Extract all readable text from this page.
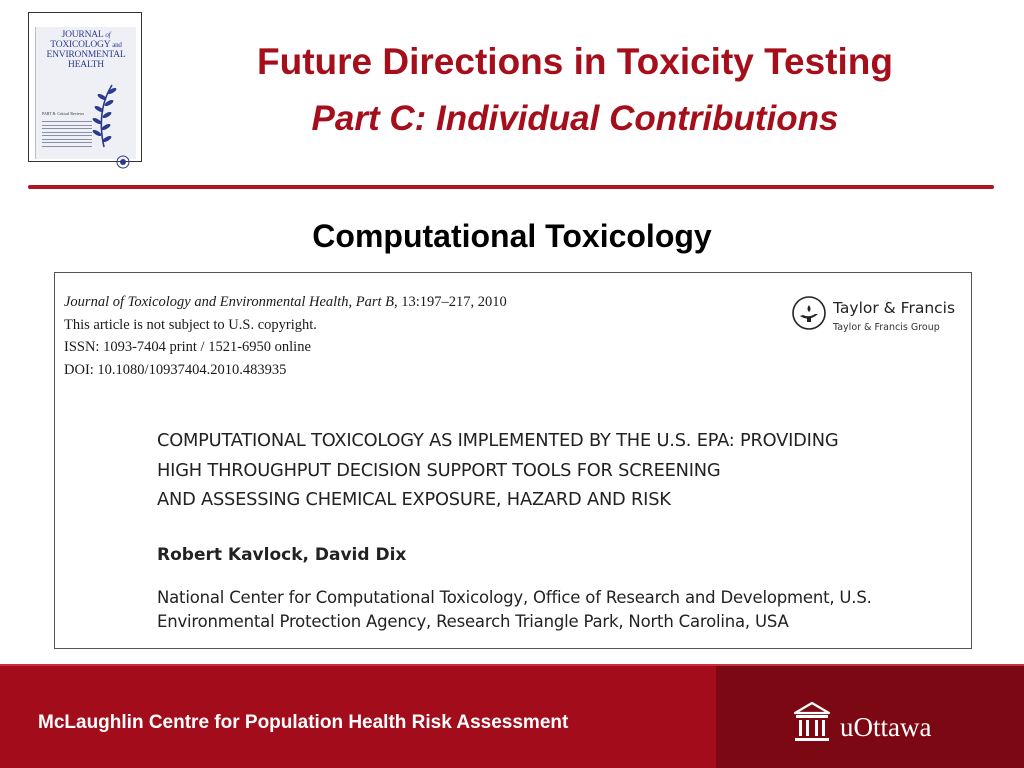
JOURNAL of
TOXICOLOGY and
ENVIRONMENTAL
HEALTH
PART B: Critical Reviews
Future Directions in Toxicity Testing
Part C: Individual Contributions
Computational Toxicology
Journal of Toxicology and Environmental Health, Part B, 13:197–217, 2010
This article is not subject to U.S. copyright.
ISSN: 1093-7404 print / 1521-6950 online
DOI: 10.1080/10937404.2010.483935
Taylor & Francis
Taylor & Francis Group
COMPUTATIONAL TOXICOLOGY AS IMPLEMENTED BY THE U.S. EPA: PROVIDING
HIGH THROUGHPUT DECISION SUPPORT TOOLS FOR SCREENING
AND ASSESSING CHEMICAL EXPOSURE, HAZARD AND RISK
Robert Kavlock, David Dix
National Center for Computational Toxicology, Office of Research and Development, U.S.
Environmental Protection Agency, Research Triangle Park, North Carolina, USA
McLaughlin Centre for Population Health Risk Assessment	uOttawa
